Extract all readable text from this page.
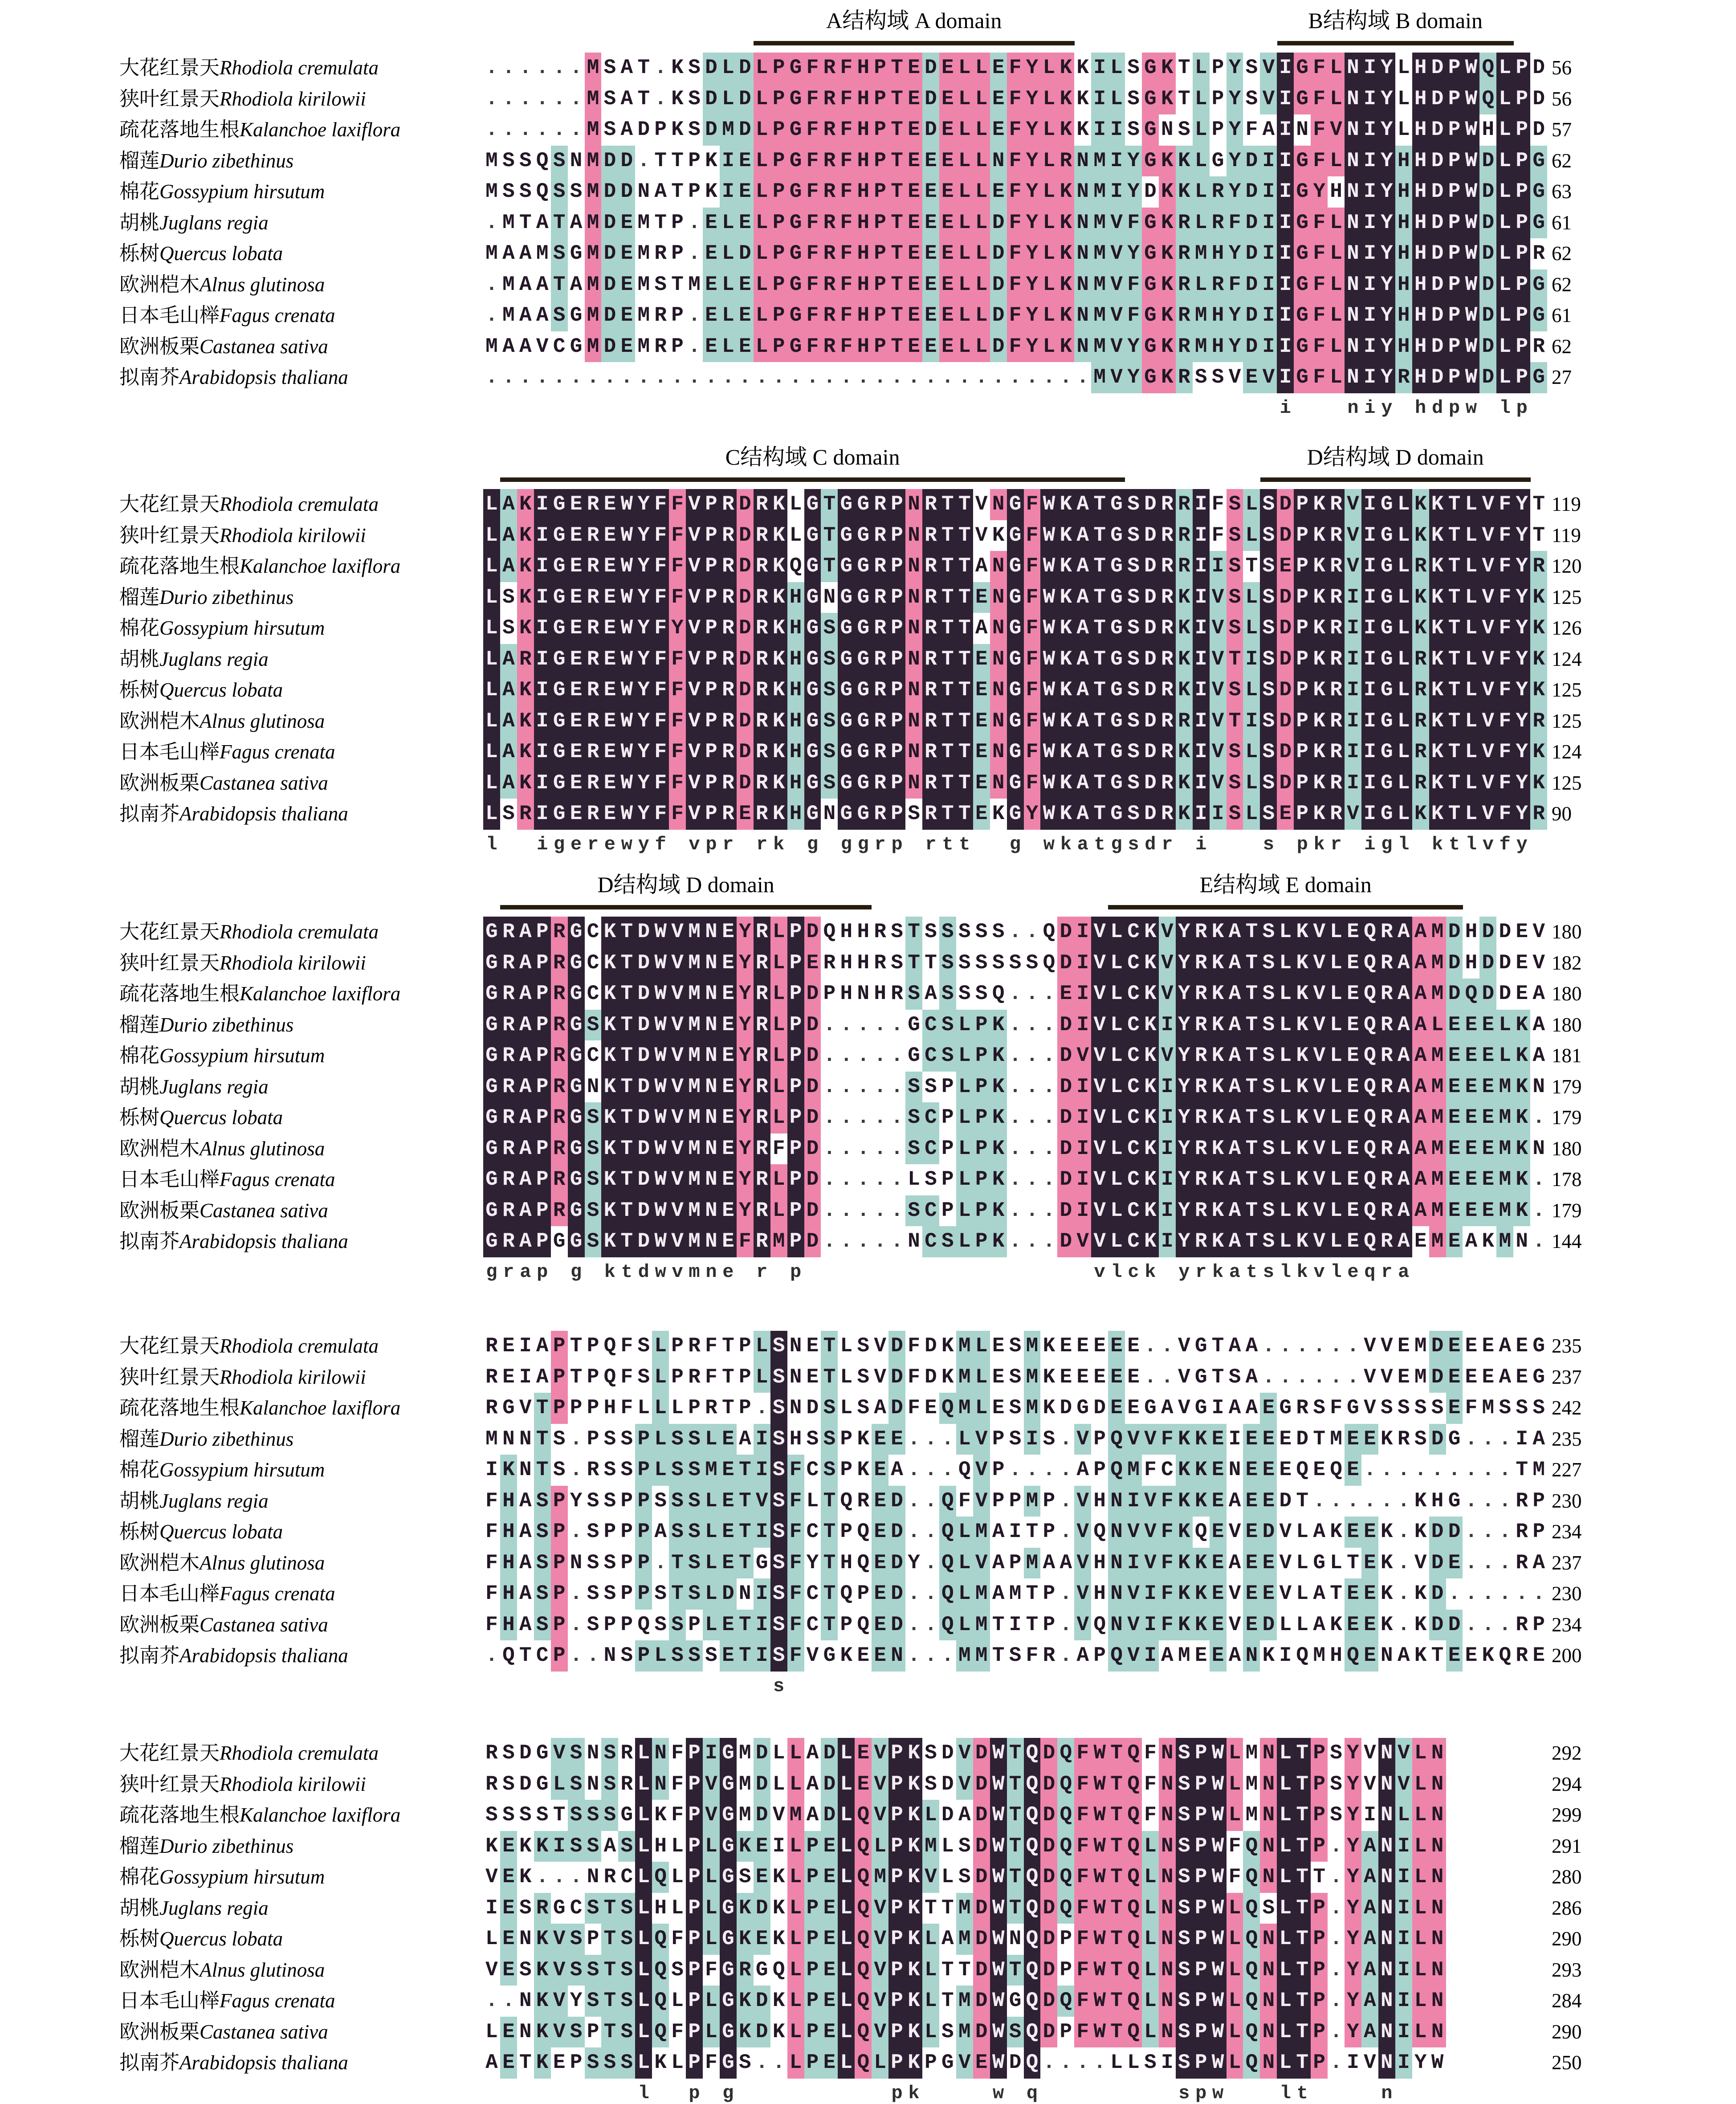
A结构域 A domain	B结构域 B domain
大花红景天Rhodiola cremulata	. . . . . . M S A T . K S D L D L P G F R F H P T E D E L L E F Y L K K I L S G K T L P Y S V I G F L N I Y L H D P W Q L P D 56
狭叶红景天Rhodiola kirilowii	. . . . . . M S A T . K S D L D L P G F R F H P T E D E L L E F Y L K K I L S G K T L P Y S V I G F L N I Y L H D P W Q L P D 56
疏花落地生根Kalanchoe laxiflora	. . . . . . M S A D P K S D M D L P G F R F H P T E D E L L E F Y L K K I I S G N S L P Y F A I N F V N I Y L H D P W H L P D 57
榴莲Durio zibethinus	M S S Q S N M D D . T T P K I E L P G F R F H P T E E E L L N F Y L R N M I Y G K K L G Y D I I G F L N I Y H H D P W D L P G 62
棉花Gossypium hirsutum	M S S Q S S M D D N A T P K I E L P G F R F H P T E E E L L E F Y L K N M I Y D K K L R Y D I I G Y H N I Y H H D P W D L P G 63
胡桃Juglans regia	. M T A T A M D E M T P . E L E L P G F R F H P T E E E L L D F Y L K N M V F G K R L R F D I I G F L N I Y H H D P W D L P G 61
栎树Quercus lobata	M A A M S G M D E M R P . E L D L P G F R F H P T E E E L L D F Y L K N M V Y G K R M H Y D I I G F L N I Y H H D P W D L P R 62
欧洲桤木Alnus glutinosa	. M A A T A M D E M S T M E L E L P G F R F H P T E E E L L D F Y L K N M V F G K R L R F D I I G F L N I Y H H D P W D L P G 62
日本毛山榉Fagus crenata	. M A A S G M D E M R P . E L E L P G F R F H P T E E E L L D F Y L K N M V F G K R M H Y D I I G F L N I Y H H D P W D L P G 61
欧洲板栗Castanea sativa	M A A V C G M D E M R P . E L E L P G F R F H P T E E E L L D F Y L K N M V Y G K R M H Y D I I G F L N I Y H H D P W D L P R 62
拟南芥Arabidopsis thaliana	. . . . . . . . . . . . . . . . . . . . . . . . . . . . . . . . . . . . M V Y G K R S S V E V I G F L N I Y R H D P W D L P G 27
i	n i y h d p w l p
C结构域 C domain	D结构域 D domain
大花红景天Rhodiola cremulata	L A K I G E R E W Y F F V P R D R K L G T G G R P N R T T V N G F W K A T G S D R R I F S L S D P K R V I G L K K T L V F Y T 119
狭叶红景天Rhodiola kirilowii	L A K I G E R E W Y F F V P R D R K L G T G G R P N R T T V K G F W K A T G S D R R I F S L S D P K R V I G L K K T L V F Y T 119
疏花落地生根Kalanchoe laxiflora	L A K I G E R E W Y F F V P R D R K Q G T G G R P N R T T A N G F W K A T G S D R R I I S T S E P K R V I G L R K T L V F Y R 120
榴莲Durio zibethinus	L S K I G E R E W Y F F V P R D R K H G N G G R P N R T T E N G F W K A T G S D R K I V S L S D P K R I I G L K K T L V F Y K 125
棉花Gossypium hirsutum	L S K I G E R E W Y F Y V P R D R K H G S G G R P N R T T A N G F W K A T G S D R K I V S L S D P K R I I G L K K T L V F Y K 126
胡桃Juglans regia	L A R I G E R E W Y F F V P R D R K H G S G G R P N R T T E N G F W K A T G S D R K I V T I S D P K R I I G L R K T L V F Y K 124
栎树Quercus lobata	L A K I G E R E W Y F F V P R D R K H G S G G R P N R T T E N G F W K A T G S D R K I V S L S D P K R I I G L R K T L V F Y K 125
欧洲桤木Alnus glutinosa	L A K I G E R E W Y F F V P R D R K H G S G G R P N R T T E N G F W K A T G S D R R I V T I S D P K R I I G L R K T L V F Y R 125
日本毛山榉Fagus crenata	L A K I G E R E W Y F F V P R D R K H G S G G R P N R T T E N G F W K A T G S D R K I V S L S D P K R I I G L R K T L V F Y K 124
欧洲板栗Castanea sativa	L A K I G E R E W Y F F V P R D R K H G S G G R P N R T T E N G F W K A T G S D R K I V S L S D P K R I I G L R K T L V F Y K 125
拟南芥Arabidopsis thaliana	L S R I G E R E W Y F F V P R E R K H G N G G R P S R T T E K G Y W K A T G S D R K I I S L S E P K R V I G L K K T L V F Y R 90
l i g e r e w y f v p r r k g g g r p r t t g w k a t g s d r i	s p k r i g l k t l v f y
D结构域 D domain	E结构域 E domain
大花红景天Rhodiola cremulata	G R A P R G C K T D W V M N E Y R L P D Q H H R S T S S S S S . . Q D I V L C K V Y R K A T S L K V L E Q R A A M D H D D E V 180
狭叶红景天Rhodiola kirilowii	G R A P R G C K T D W V M N E Y R L P E R H H R S T T S S S S S S Q D I V L C K V Y R K A T S L K V L E Q R A A M D H D D E V 182
疏花落地生根Kalanchoe laxiflora	G R A P R G C K T D W V M N E Y R L P D P H N H R S A S S S Q . . . E I V L C K V Y R K A T S L K V L E Q R A A M D Q D D E A 180
榴莲Durio zibethinus	G R A P R G S K T D W V M N E Y R L P D . . . . . G C S L P K . . . D I V L C K I Y R K A T S L K V L E Q R A A L E E E L K A 180
棉花Gossypium hirsutum	G R A P R G C K T D W V M N E Y R L P D . . . . . G C S L P K . . . D V V L C K V Y R K A T S L K V L E Q R A A M E E E L K A 181
胡桃Juglans regia	G R A P R G N K T D W V M N E Y R L P D . . . . . S S P L P K . . . D I V L C K I Y R K A T S L K V L E Q R A A M E E E M K N 179
栎树Quercus lobata	G R A P R G S K T D W V M N E Y R L P D . . . . . S C P L P K . . . D I V L C K I Y R K A T S L K V L E Q R A A M E E E M K . 179
欧洲桤木Alnus glutinosa	G R A P R G S K T D W V M N E Y R F P D . . . . . S C P L P K . . . D I V L C K I Y R K A T S L K V L E Q R A A M E E E M K N 180
日本毛山榉Fagus crenata	G R A P R G S K T D W V M N E Y R L P D . . . . . L S P L P K . . . D I V L C K I Y R K A T S L K V L E Q R A A M E E E M K . 178
欧洲板栗Castanea sativa	G R A P R G S K T D W V M N E Y R L P D . . . . . S C P L P K . . . D I V L C K I Y R K A T S L K V L E Q R A A M E E E M K . 179
拟南芥Arabidopsis thaliana	G R A P G G S K T D W V M N E F R M P D . . . . . N C S L P K . . . D V V L C K I Y R K A T S L K V L E Q R A E M E A K M N . 144
g r a p g k t d w v m n e r p	v l c k y r k a t s l k v l e q r a
大花红景天Rhodiola cremulata	R E I A P T P Q F S L P R F T P L S N E T L S V D F D K M L E S M K E E E E E . . V G T A A . . . . . . V V E M D E E E A E G 235
狭叶红景天Rhodiola kirilowii	R E I A P T P Q F S L P R F T P L S N E T L S V D F D K M L E S M K E E E E E . . V G T S A . . . . . . V V E M D E E E A E G 237
疏花落地生根Kalanchoe laxiflora	R G V T P P P H F L L L P R T P . S N D S L S A D F E Q M L E S M K D G D E E G A V G I A A E G R S F G V S S S S E F M S S S 242
榴莲Durio zibethinus	M N N T S . P S S P L S S L E A I S H S S P K E E . . . L V P S I S . V P Q V V F K K E I E E E D T M E E K R S D G . . . I A 235
棉花Gossypium hirsutum	I K N T S . R S S P L S S M E T I S F C S P K E A . . . Q V P . . . . A P Q M F C K K E N E E E Q E Q E . . . . . . . . . T M 227
胡桃Juglans regia	F H A S P Y S S P P S S S L E T V S F L T Q R E D . . Q F V P P M P . V H N I V F K K E A E E D T . . . . . . K H G . . . R P 230
栎树Quercus lobata	F H A S P . S P P P A S S L E T I S F C T P Q E D . . Q L M A I T P . V Q N V V F K Q E V E D V L A K E E K . K D D . . . R P 234
欧洲桤木Alnus glutinosa	F H A S P N S S P P . T S L E T G S F Y T H Q E D Y . Q L V A P M A A V H N I V F K K E A E E V L G L T E K . V D E . . . R A 237
日本毛山榉Fagus crenata	F H A S P . S S P P S T S L D N I S F C T Q P E D . . Q L M A M T P . V H N V I F K K E V E E V L A T E E K . K D . . . . . . 230
欧洲板栗Castanea sativa	F H A S P . S P P Q S S P L E T I S F C T P Q E D . . Q L M T I T P . V Q N V I F K K E V E D L L A K E E K . K D D . . . R P 234
拟南芥Arabidopsis thaliana	. Q T C P . . N S P L S S S E T I S F V G K E E N . . . M M T S F R . A P Q V I A M E E A N K I Q M H Q E N A K T E E K Q R E 200
s
大花红景天Rhodiola cremulata	R S D G V S N S R L N F P I G M D L L A D L E V P K S D V D W T Q D Q F W T Q F N S P W L M N L T P S Y V N V L N	292
狭叶红景天Rhodiola kirilowii	R S D G L S N S R L N F P V G M D L L A D L E V P K S D V D W T Q D Q F W T Q F N S P W L M N L T P S Y V N V L N	294
疏花落地生根Kalanchoe laxiflora	S S S S T S S S G L K F P V G M D V M A D L Q V P K L D A D W T Q D Q F W T Q F N S P W L M N L T P S Y I N L L N	299
榴莲Durio zibethinus	K E K K I S S A S L H L P L G K E I L P E L Q L P K M L S D W T Q D Q F W T Q L N S P W F Q N L T P . Y A N I L N	291
棉花Gossypium hirsutum	V E K . . . N R C L Q L P L G S E K L P E L Q M P K V L S D W T Q D Q F W T Q L N S P W F Q N L T T . Y A N I L N	280
胡桃Juglans regia	I E S R G C S T S L H L P L G K D K L P E L Q V P K T T M D W T Q D Q F W T Q L N S P W L Q S L T P . Y A N I L N	286
栎树Quercus lobata	L E N K V S P T S L Q F P L G K E K L P E L Q V P K L A M D W N Q D P F W T Q L N S P W L Q N L T P . Y A N I L N	290
欧洲桤木Alnus glutinosa	V E S K V S S T S L Q S P F G R G Q L P E L Q V P K L T T D W T Q D P F W T Q L N S P W L Q N L T P . Y A N I L N	293
日本毛山榉Fagus crenata	. . N K V Y S T S L Q L P L G K D K L P E L Q V P K L T M D W G Q D Q F W T Q L N S P W L Q N L T P . Y A N I L N	284
欧洲板栗Castanea sativa	L E N K V S P T S L Q F P L G K D K L P E L Q V P K L S M D W S Q D P F W T Q L N S P W L Q N L T P . Y A N I L N	290
拟南芥Arabidopsis thaliana	A E T K E P S S S L K L P F G S . . L P E L Q L P K P G V E W D Q . . . . L L S I S P W L Q N L T P . I V N I Y W	250
l p g	p k	w q	s p w	l t	n
